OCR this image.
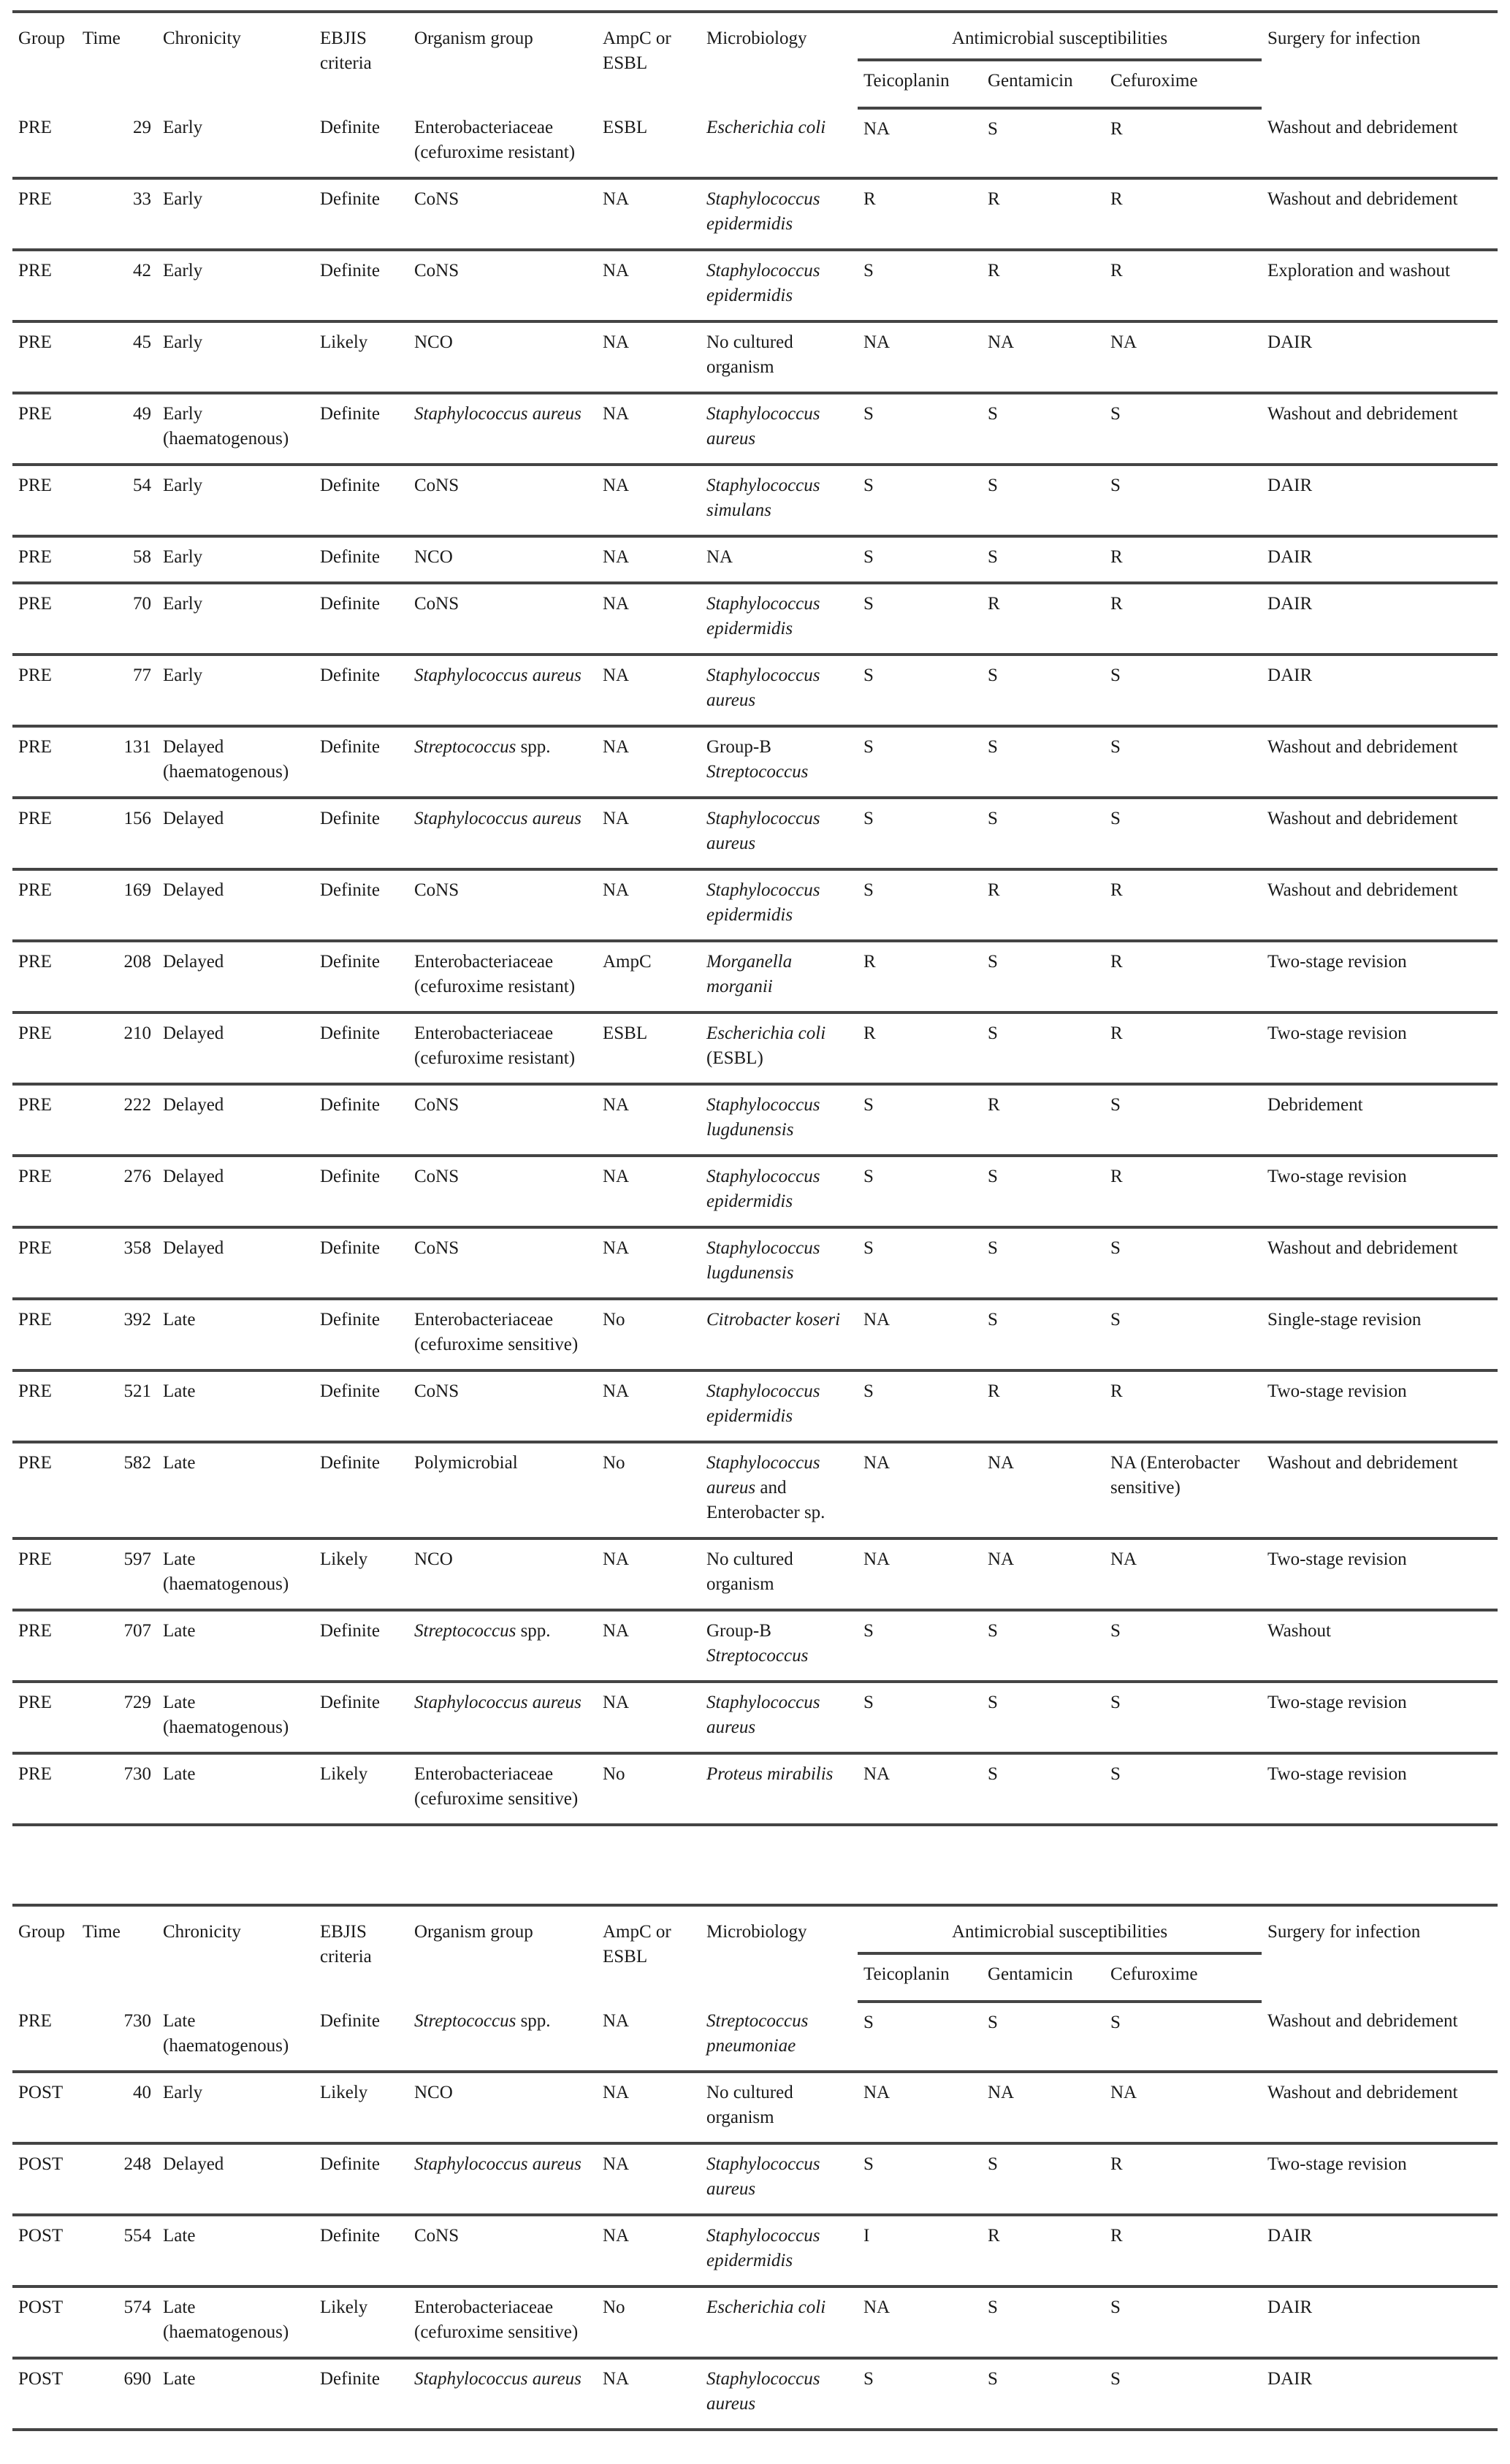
Group	Time	Chronicity	EBJIS criteria	Organism group	AmpC or ESBL	Microbiology	Antimicrobial susceptibilities			Surgery for infection
							Teicoplanin	Gentamicin	Cefuroxime	
PRE	29	Early	Definite	Enterobacteriaceae (cefuroxime resistant)	ESBL	Escherichia coli	NA	S	R	Washout and debridement
PRE	33	Early	Definite	CoNS	NA	Staphylococcus epidermidis	R	R	R	Washout and debridement
PRE	42	Early	Definite	CoNS	NA	Staphylococcus epidermidis	S	R	R	Exploration and washout
PRE	45	Early	Likely	NCO	NA	No cultured organism	NA	NA	NA	DAIR
PRE	49	Early (haematogenous)	Definite	Staphylococcus aureus	NA	Staphylococcus aureus	S	S	S	Washout and debridement
PRE	54	Early	Definite	CoNS	NA	Staphylococcus simulans	S	S	S	DAIR
PRE	58	Early	Definite	NCO	NA	NA	S	S	R	DAIR
PRE	70	Early	Definite	CoNS	NA	Staphylococcus epidermidis	S	R	R	DAIR
PRE	77	Early	Definite	Staphylococcus aureus	NA	Staphylococcus aureus	S	S	S	DAIR
PRE	131	Delayed (haematogenous)	Definite	Streptococcus spp.	NA	Group-B Streptococcus	S	S	S	Washout and debridement
PRE	156	Delayed	Definite	Staphylococcus aureus	NA	Staphylococcus aureus	S	S	S	Washout and debridement
PRE	169	Delayed	Definite	CoNS	NA	Staphylococcus epidermidis	S	R	R	Washout and debridement
PRE	208	Delayed	Definite	Enterobacteriaceae (cefuroxime resistant)	AmpC	Morganella morganii	R	S	R	Two-stage revision
PRE	210	Delayed	Definite	Enterobacteriaceae (cefuroxime resistant)	ESBL	Escherichia coli (ESBL)	R	S	R	Two-stage revision
PRE	222	Delayed	Definite	CoNS	NA	Staphylococcus lugdunensis	S	R	S	Debridement
PRE	276	Delayed	Definite	CoNS	NA	Staphylococcus epidermidis	S	S	R	Two-stage revision
PRE	358	Delayed	Definite	CoNS	NA	Staphylococcus lugdunensis	S	S	S	Washout and debridement
PRE	392	Late	Definite	Enterobacteriaceae (cefuroxime sensitive)	No	Citrobacter koseri	NA	S	S	Single-stage revision
PRE	521	Late	Definite	CoNS	NA	Staphylococcus epidermidis	S	R	R	Two-stage revision
PRE	582	Late	Definite	Polymicrobial	No	Staphylococcus aureus and Enterobacter sp.	NA	NA	NA (Enterobacter sensitive)	Washout and debridement
PRE	597	Late (haematogenous)	Likely	NCO	NA	No cultured organism	NA	NA	NA	Two-stage revision
PRE	707	Late	Definite	Streptococcus spp.	NA	Group-B Streptococcus	S	S	S	Washout
PRE	729	Late (haematogenous)	Definite	Staphylococcus aureus	NA	Staphylococcus aureus	S	S	S	Two-stage revision
PRE	730	Late	Likely	Enterobacteriaceae (cefuroxime sensitive)	No	Proteus mirabilis	NA	S	S	Two-stage revision
Group	Time	Chronicity	EBJIS criteria	Organism group	AmpC or ESBL	Microbiology	Antimicrobial susceptibilities			Surgery for infection
							Teicoplanin	Gentamicin	Cefuroxime	
PRE	730	Late (haematogenous)	Definite	Streptococcus spp.	NA	Streptococcus pneumoniae	S	S	S	Washout and debridement
POST	40	Early	Likely	NCO	NA	No cultured organism	NA	NA	NA	Washout and debridement
POST	248	Delayed	Definite	Staphylococcus aureus	NA	Staphylococcus aureus	S	S	R	Two-stage revision
POST	554	Late	Definite	CoNS	NA	Staphylococcus epidermidis	I	R	R	DAIR
POST	574	Late (haematogenous)	Likely	Enterobacteriaceae (cefuroxime sensitive)	No	Escherichia coli	NA	S	S	DAIR
POST	690	Late	Definite	Staphylococcus aureus	NA	Staphylococcus aureus	S	S	S	DAIR
